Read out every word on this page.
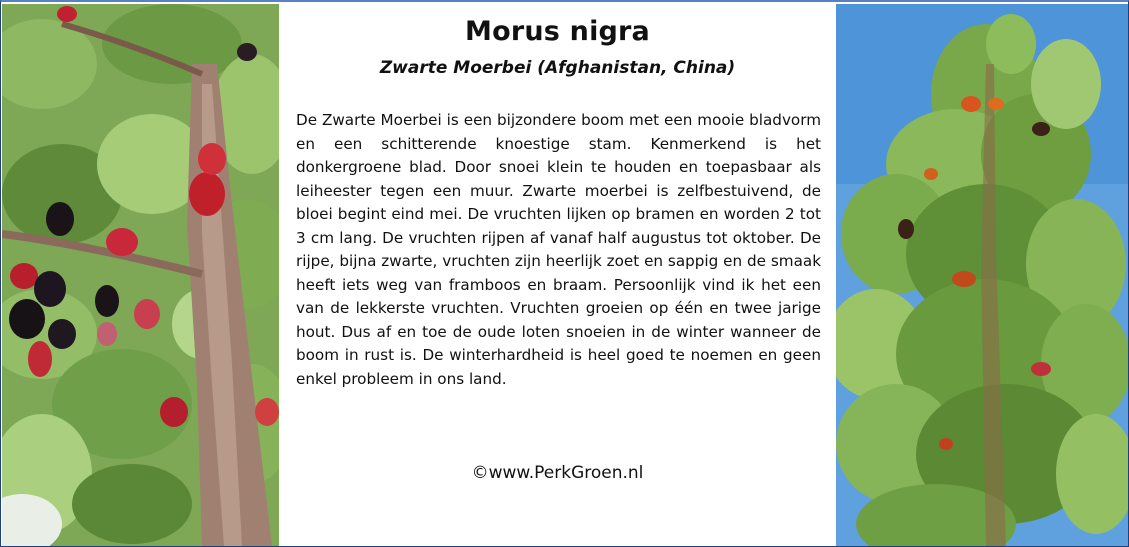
Morus nigra
Zwarte Moerbei (Afghanistan, China)
De Zwarte Moerbei is een bijzondere boom met een mooie bladvorm en een schitterende knoestige stam. Kenmerkend is het donkergroene blad. Door snoei klein te houden en toepasbaar als leiheester tegen een muur. Zwarte moerbei is zelfbestuivend, de bloei begint eind mei. De vruchten lijken op bramen en worden 2 tot 3 cm lang. De vruchten rijpen af vanaf half augustus tot oktober. De rijpe, bijna zwarte, vruchten zijn heerlijk zoet en sappig en de smaak heeft iets weg van framboos en braam. Persoonlijk vind ik het een van de lekkerste vruchten. Vruchten groeien op één en twee jarige hout. Dus af en toe de oude loten snoeien in de winter wanneer de boom in rust is. De winterhardheid is heel goed te noemen en geen enkel probleem in ons land.
©www.PerkGroen.nl
